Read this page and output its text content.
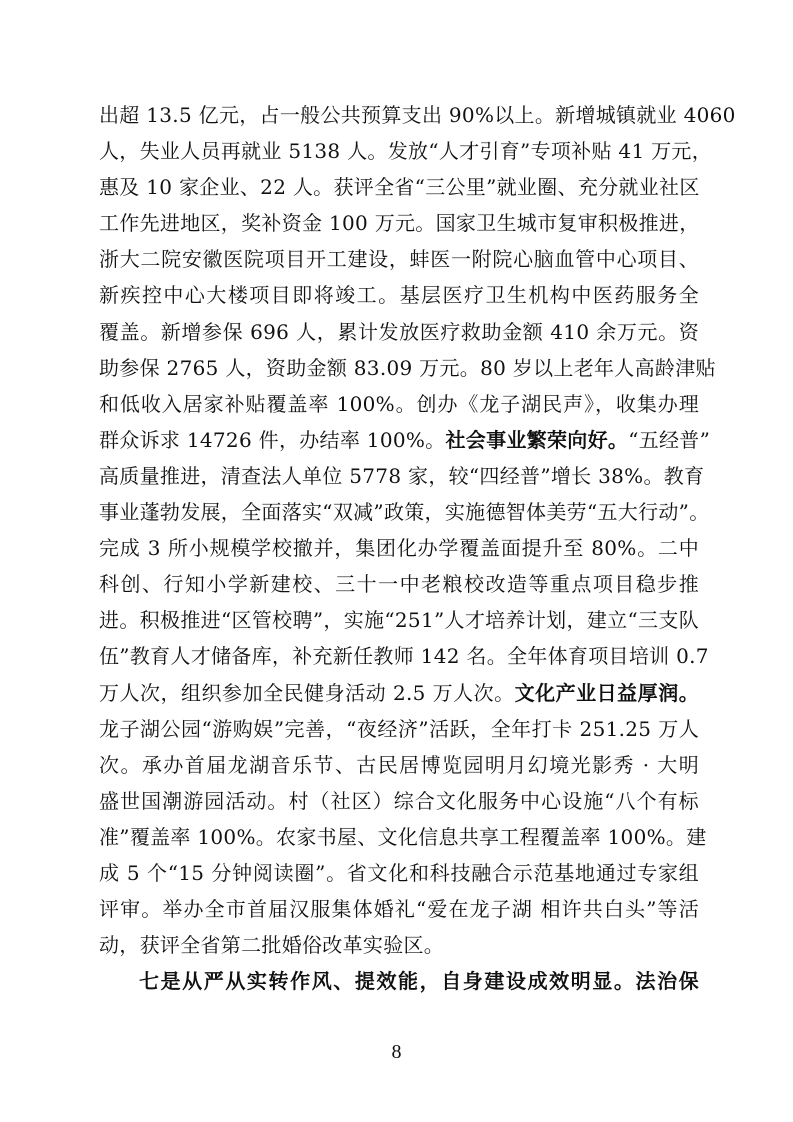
出超 13.5 亿元，占一般公共预算支出 90%以上。新增城镇就业 4060
人，失业人员再就业 5138 人。发放“人才引育”专项补贴 41 万元，
惠及 10 家企业、22 人。获评全省“三公里”就业圈、充分就业社区
工作先进地区，奖补资金 100 万元。国家卫生城市复审积极推进，
浙大二院安徽医院项目开工建设，蚌医一附院心脑血管中心项目、
新疾控中心大楼项目即将竣工。基层医疗卫生机构中医药服务全
覆盖。新增参保 696 人，累计发放医疗救助金额 410 余万元。资
助参保 2765 人，资助金额 83.09 万元。80 岁以上老年人高龄津贴
和低收入居家补贴覆盖率 100%。创办《龙子湖民声》，收集办理
群众诉求 14726 件，办结率 100%。社会事业繁荣向好。“五经普”
高质量推进，清查法人单位 5778 家，较“四经普”增长 38%。教育
事业蓬勃发展，全面落实“双减”政策，实施德智体美劳“五大行动”。
完成 3 所小规模学校撤并，集团化办学覆盖面提升至 80%。二中
科创、行知小学新建校、三十一中老粮校改造等重点项目稳步推
进。积极推进“区管校聘”，实施“251”人才培养计划，建立“三支队
伍”教育人才储备库，补充新任教师 142 名。全年体育项目培训 0.7
万人次，组织参加全民健身活动 2.5 万人次。文化产业日益厚润。
龙子湖公园“游购娱”完善，“夜经济”活跃，全年打卡 251.25 万人
次。承办首届龙湖音乐节、古民居博览园明月幻境光影秀 · 大明
盛世国潮游园活动。村（社区）综合文化服务中心设施“八个有标
准”覆盖率 100%。农家书屋、文化信息共享工程覆盖率 100%。建
成 5 个“15 分钟阅读圈”。省文化和科技融合示范基地通过专家组
评审。举办全市首届汉服集体婚礼“爱在龙子湖 相许共白头”等活
动，获评全省第二批婚俗改革实验区。
七是从严从实转作风、提效能，自身建设成效明显。法治保
8
